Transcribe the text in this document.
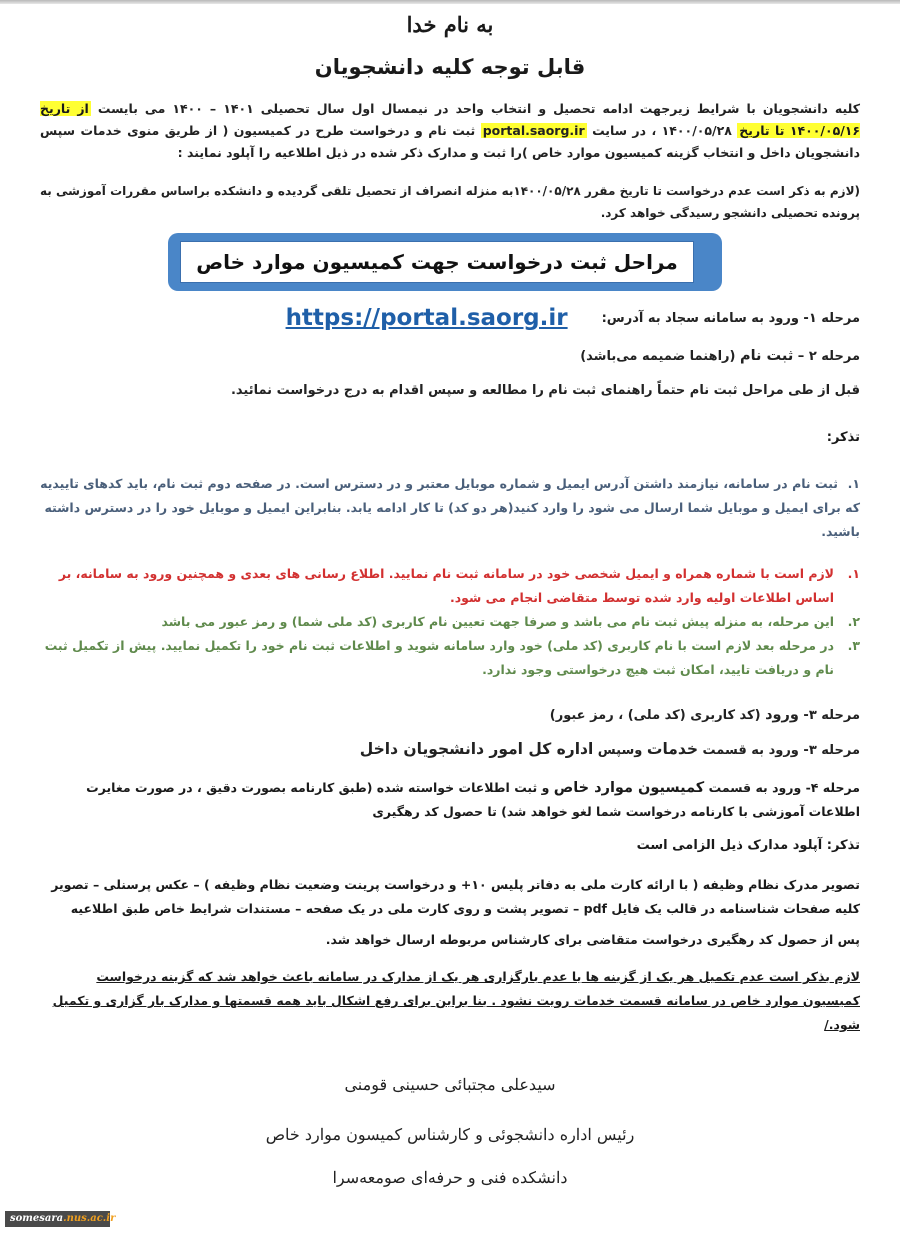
به نام خدا
قابل توجه کلیه دانشجویان
کلیه دانشجویان با شرایط زیرجهت ادامه تحصیل و انتخاب واحد در نیمسال اول سال تحصیلی ۱۴۰۱ – ۱۴۰۰ می بایست از تاریخ ۱۴۰۰/۰۵/۱۶ تا تاریخ ۱۴۰۰/۰۵/۲۸ ، در سایت portal.saorg.ir ثبت نام و درخواست طرح در کمیسیون ( از طریق منوی خدمات سپس دانشجویان داخل و انتخاب گزینه کمیسیون موارد خاص )را ثبت و مدارک ذکر شده در ذیل اطلاعیه را آپلود نمایند :
(لازم به ذکر است عدم درخواست تا تاریخ مقرر ۱۴۰۰/۰۵/۲۸به منزله انصراف از تحصیل تلقی گردیده و دانشکده براساس مقررات آموزشی به پرونده تحصیلی دانشجو رسیدگی خواهد کرد.
مراحل ثبت درخواست جهت کمیسیون موارد خاص
مرحله ۱- ورود به سامانه سجاد به آدرس:
https://portal.saorg.ir
مرحله ۲ – ثبت نام (راهنما ضمیمه می‌باشد)
قبل از طی مراحل ثبت نام حتماً راهنمای ثبت نام را مطالعه و سپس اقدام به درج درخواست نمائید.
تذکر:
۱.ثبت نام در سامانه، نیازمند داشتن آدرس ایمیل و شماره موبایل معتبر و در دسترس است. در صفحه دوم ثبت نام، باید کدهای تاییدیه که برای ایمیل و موبایل شما ارسال می شود را وارد کنید(هر دو کد) تا کار ادامه یابد. بنابراین ایمیل و موبایل خود را در دسترس داشته باشید.
۱.
لازم است با شماره همراه و ایمیل شخصی خود در سامانه ثبت نام نمایید. اطلاع رسانی های بعدی و همچنین ورود به سامانه، بر اساس اطلاعات اولیه وارد شده توسط متقاضی انجام می شود.
۲.
این مرحله، به منزله پیش ثبت نام می باشد و صرفا جهت تعیین نام کاربری (کد ملی شما) و رمز عبور می باشد
۳.
در مرحله بعد لازم است با نام کاربری (کد ملی) خود وارد سامانه شوید و اطلاعات ثبت نام خود را تکمیل نمایید. پیش از تکمیل ثبت نام و دریافت تایید، امکان ثبت هیچ درخواستی وجود ندارد.
مرحله ۳- ورود (کد کاربری (کد ملی) ، رمز عبور)
مرحله ۳- ورود به قسمت خدمات وسپس اداره کل امور دانشجویان داخل
مرحله ۴- ورود به قسمت کمیسیون موارد خاص و ثبت اطلاعات خواسته شده (طبق کارنامه بصورت دقیق ، در صورت مغایرت اطلاعات آموزشی با کارنامه درخواست شما لغو خواهد شد) تا حصول کد رهگیری
تذکر: آپلود مدارک ذیل الزامی است
تصویر مدرک نظام وظیفه ( با ارائه کارت ملی به دفاتر پلیس ۱۰+ و درخواست پرینت وضعیت نظام وظیفه ) – عکس پرسنلی – تصویر کلیه صفحات شناسنامه در قالب یک فایل pdf – تصویر پشت و روی کارت ملی در یک صفحه – مستندات شرایط خاص طبق اطلاعیه
پس از حصول کد رهگیری درخواست متقاضی برای کارشناس مربوطه ارسال خواهد شد.
لازم بذکر است عدم تکمیل هر یک از گزینه ها یا عدم بارگزاری هر یک از مدارک در سامانه باعث خواهد شد که گزینه درخواست کمیسیون موارد خاص در سامانه قسمت خدمات رویت نشود . بنا براین برای رفع اشکال باید همه قسمتها و مدارک بار گزاری و تکمیل شود./
سیدعلی مجتبائی حسینی قومنی
رئیس اداره دانشجوئی و کارشناس کمیسون موارد خاص
دانشکده فنی و حرفه‌ای صومعه‌سرا
somesara.nus.ac.ir
